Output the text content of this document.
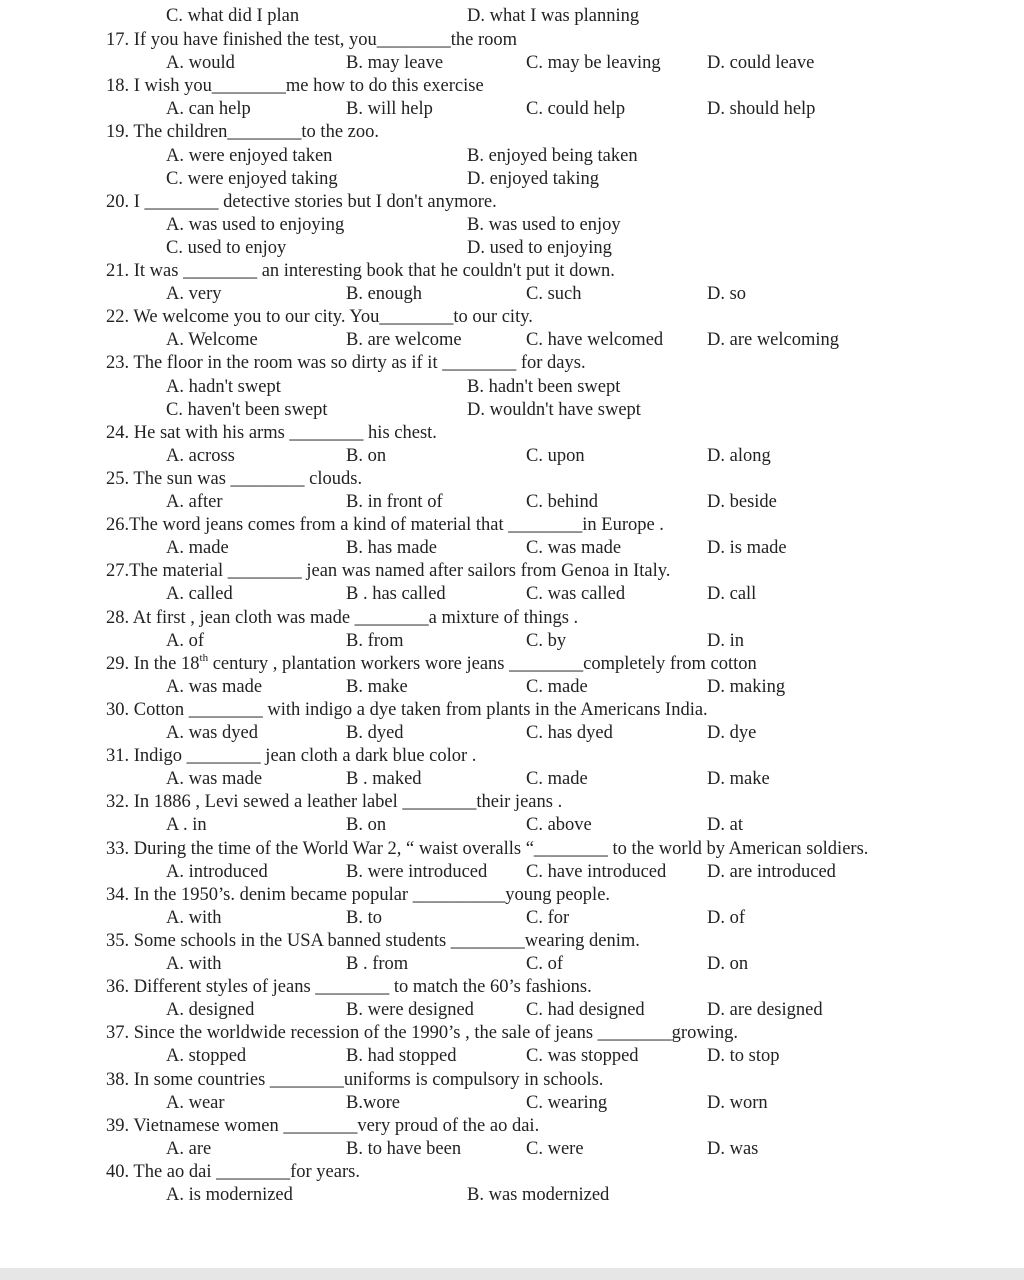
C. what did I plan	D. what I was planning
17. If you have finished the test, you________the room
A. would	B. may leave	C. may be leaving	D. could leave
18. I wish you________me how to do this exercise
A. can help	B. will help	C. could help	D. should help
19. The children________to the zoo.
A. were enjoyed taken	B. enjoyed being taken
C. were enjoyed taking	D. enjoyed taking
20. I ________ detective stories but I don't anymore.
A. was used to enjoying	B. was used to enjoy
C. used to enjoy	D. used to enjoying
21. It was ________ an interesting book that he couldn't put it down.
A. very	B. enough	C. such	D. so
22. We welcome you to our city. You________to our city.
A. Welcome	B. are welcome	C. have welcomed D. are welcoming
23. The floor in the room was so dirty as if it ________ for days.
A. hadn't swept	B. hadn't been swept
C. haven't been swept	D. wouldn't have swept
24. He sat with his arms ________ his chest.
A. across	B. on	C. upon	D. along
25. The sun was ________ clouds.
A. after	B. in front of	C. behind	D. beside
26.The word jeans comes from a kind of material that ________in Europe .
A. made	B. has made	C. was made	D. is made
27.The material ________ jean was named after sailors from Genoa in Italy.
A. called	B . has called	C. was called	D. call
28. At first , jean cloth was made ________a mixture of things .
A. of	B. from	C. by	D. in
29. In the 18th century , plantation workers wore jeans ________completely from cotton
A. was made	B. make	C. made	D. making
30. Cotton ________ with indigo a dye taken from plants in the Americans India.
A. was dyed	B. dyed	C. has dyed	D. dye
31. Indigo ________ jean cloth a dark blue color .
A. was made	B . maked	C. made	D. make
32. In 1886 , Levi sewed a leather label ________their jeans .
A . in	B. on	C. above	D. at
33. During the time of the World War 2, “ waist overalls “________ to the world by American soldiers.
A. introduced	B. were introduced C. have introduced D. are introduced
34. In the 1950’s. denim became popular __________young people.
A. with	B. to	C. for	D. of
35. Some schools in the USA banned students ________wearing denim.
A. with	B . from	C. of	D. on
36. Different styles of jeans ________ to match the 60’s fashions.
A. designed	B. were designed	C. had designed	D. are designed
37. Since the worldwide recession of the 1990’s , the sale of jeans ________growing.
A. stopped	B. had stopped	C. was stopped	D. to stop
38. In some countries ________uniforms is compulsory in schools.
A. wear	B.wore	C. wearing	D. worn
39. Vietnamese women ________very proud of the ao dai.
A. are	B. to have been	C. were	D. was
40. The ao dai ________for years.
A. is modernized	B. was modernized
